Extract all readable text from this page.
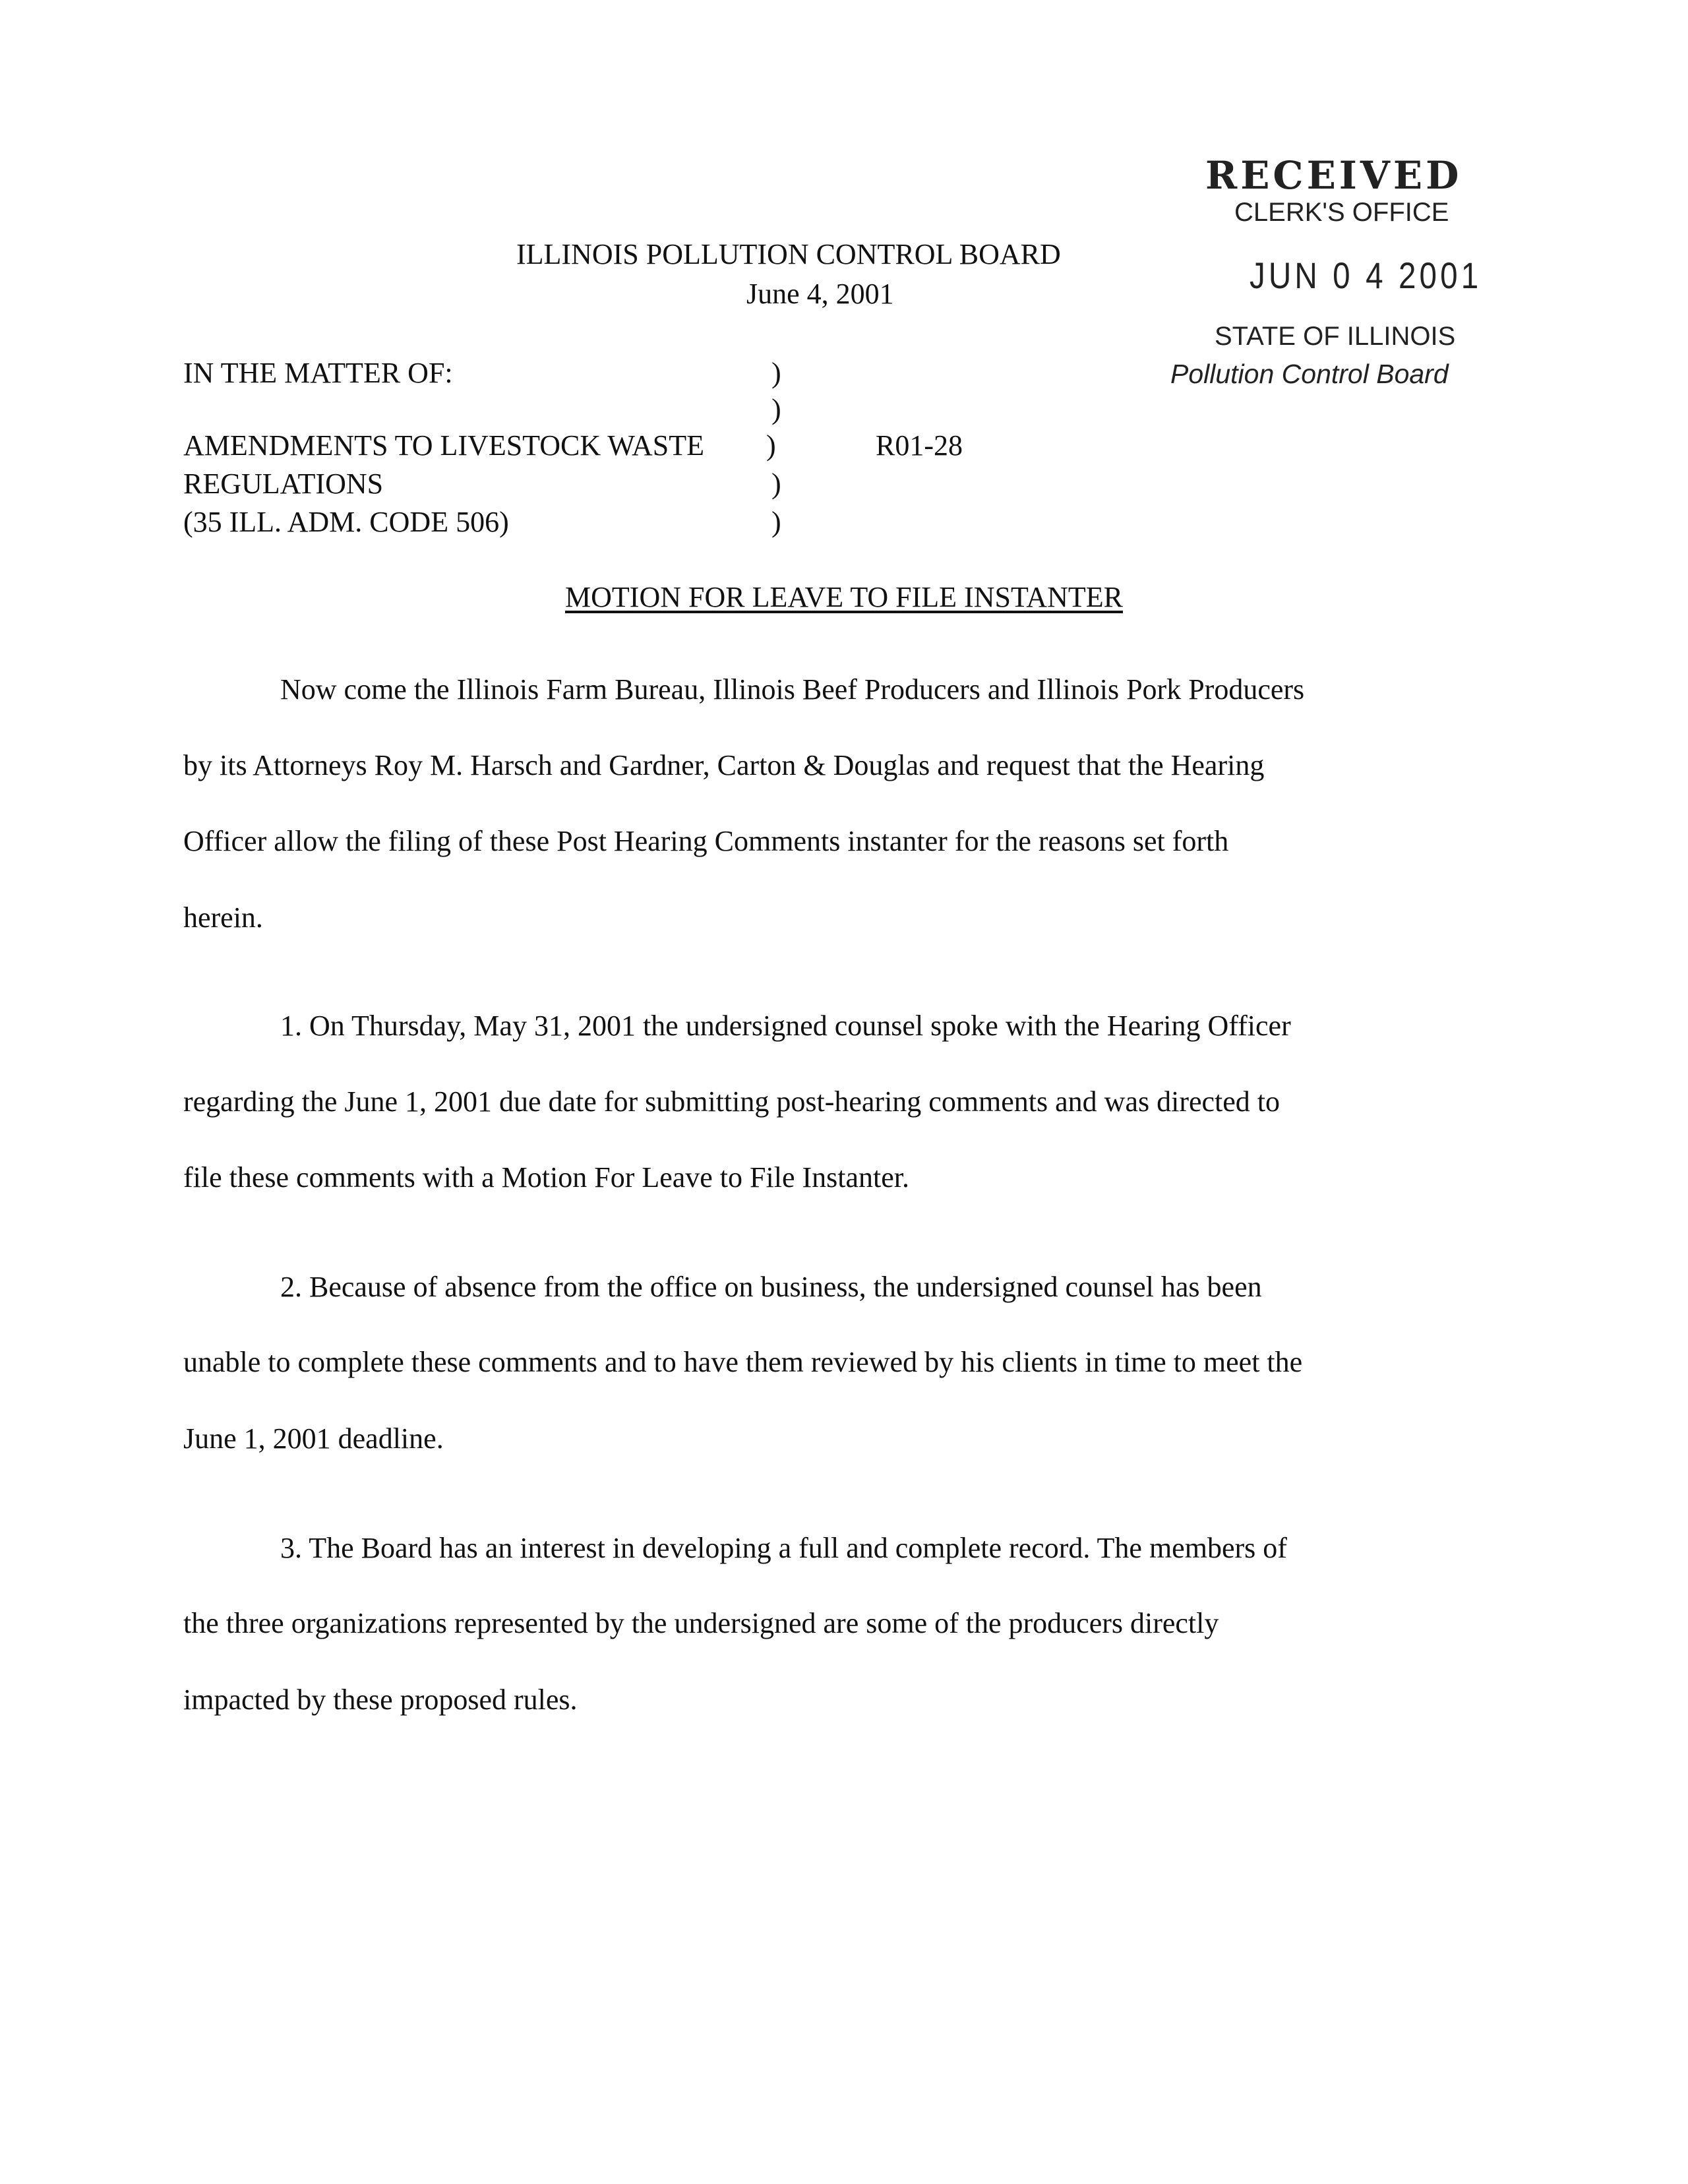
RECEIVED
CLERK'S OFFICE
JUN 0 4 2001
STATE OF ILLINOIS
Pollution Control Board
ILLINOIS POLLUTION CONTROL BOARD
June 4, 2001
IN THE MATTER OF:
AMENDMENTS TO LIVESTOCK WASTE
REGULATIONS
(35 ILL. ADM. CODE 506)
)
)
)
)
)
R01-28
MOTION FOR LEAVE TO FILE INSTANTER
Now come the Illinois Farm Bureau, Illinois Beef Producers and Illinois Pork Producers
by its Attorneys Roy M. Harsch and Gardner, Carton & Douglas and request that the Hearing
Officer allow the filing of these Post Hearing Comments instanter for the reasons set forth
herein.
1. On Thursday, May 31, 2001 the undersigned counsel spoke with the Hearing Officer
regarding the June 1, 2001 due date for submitting post-hearing comments and was directed to
file these comments with a Motion For Leave to File Instanter.
2. Because of absence from the office on business, the undersigned counsel has been
unable to complete these comments and to have them reviewed by his clients in time to meet the
June 1, 2001 deadline.
3. The Board has an interest in developing a full and complete record. The members of
the three organizations represented by the undersigned are some of the producers directly
impacted by these proposed rules.
